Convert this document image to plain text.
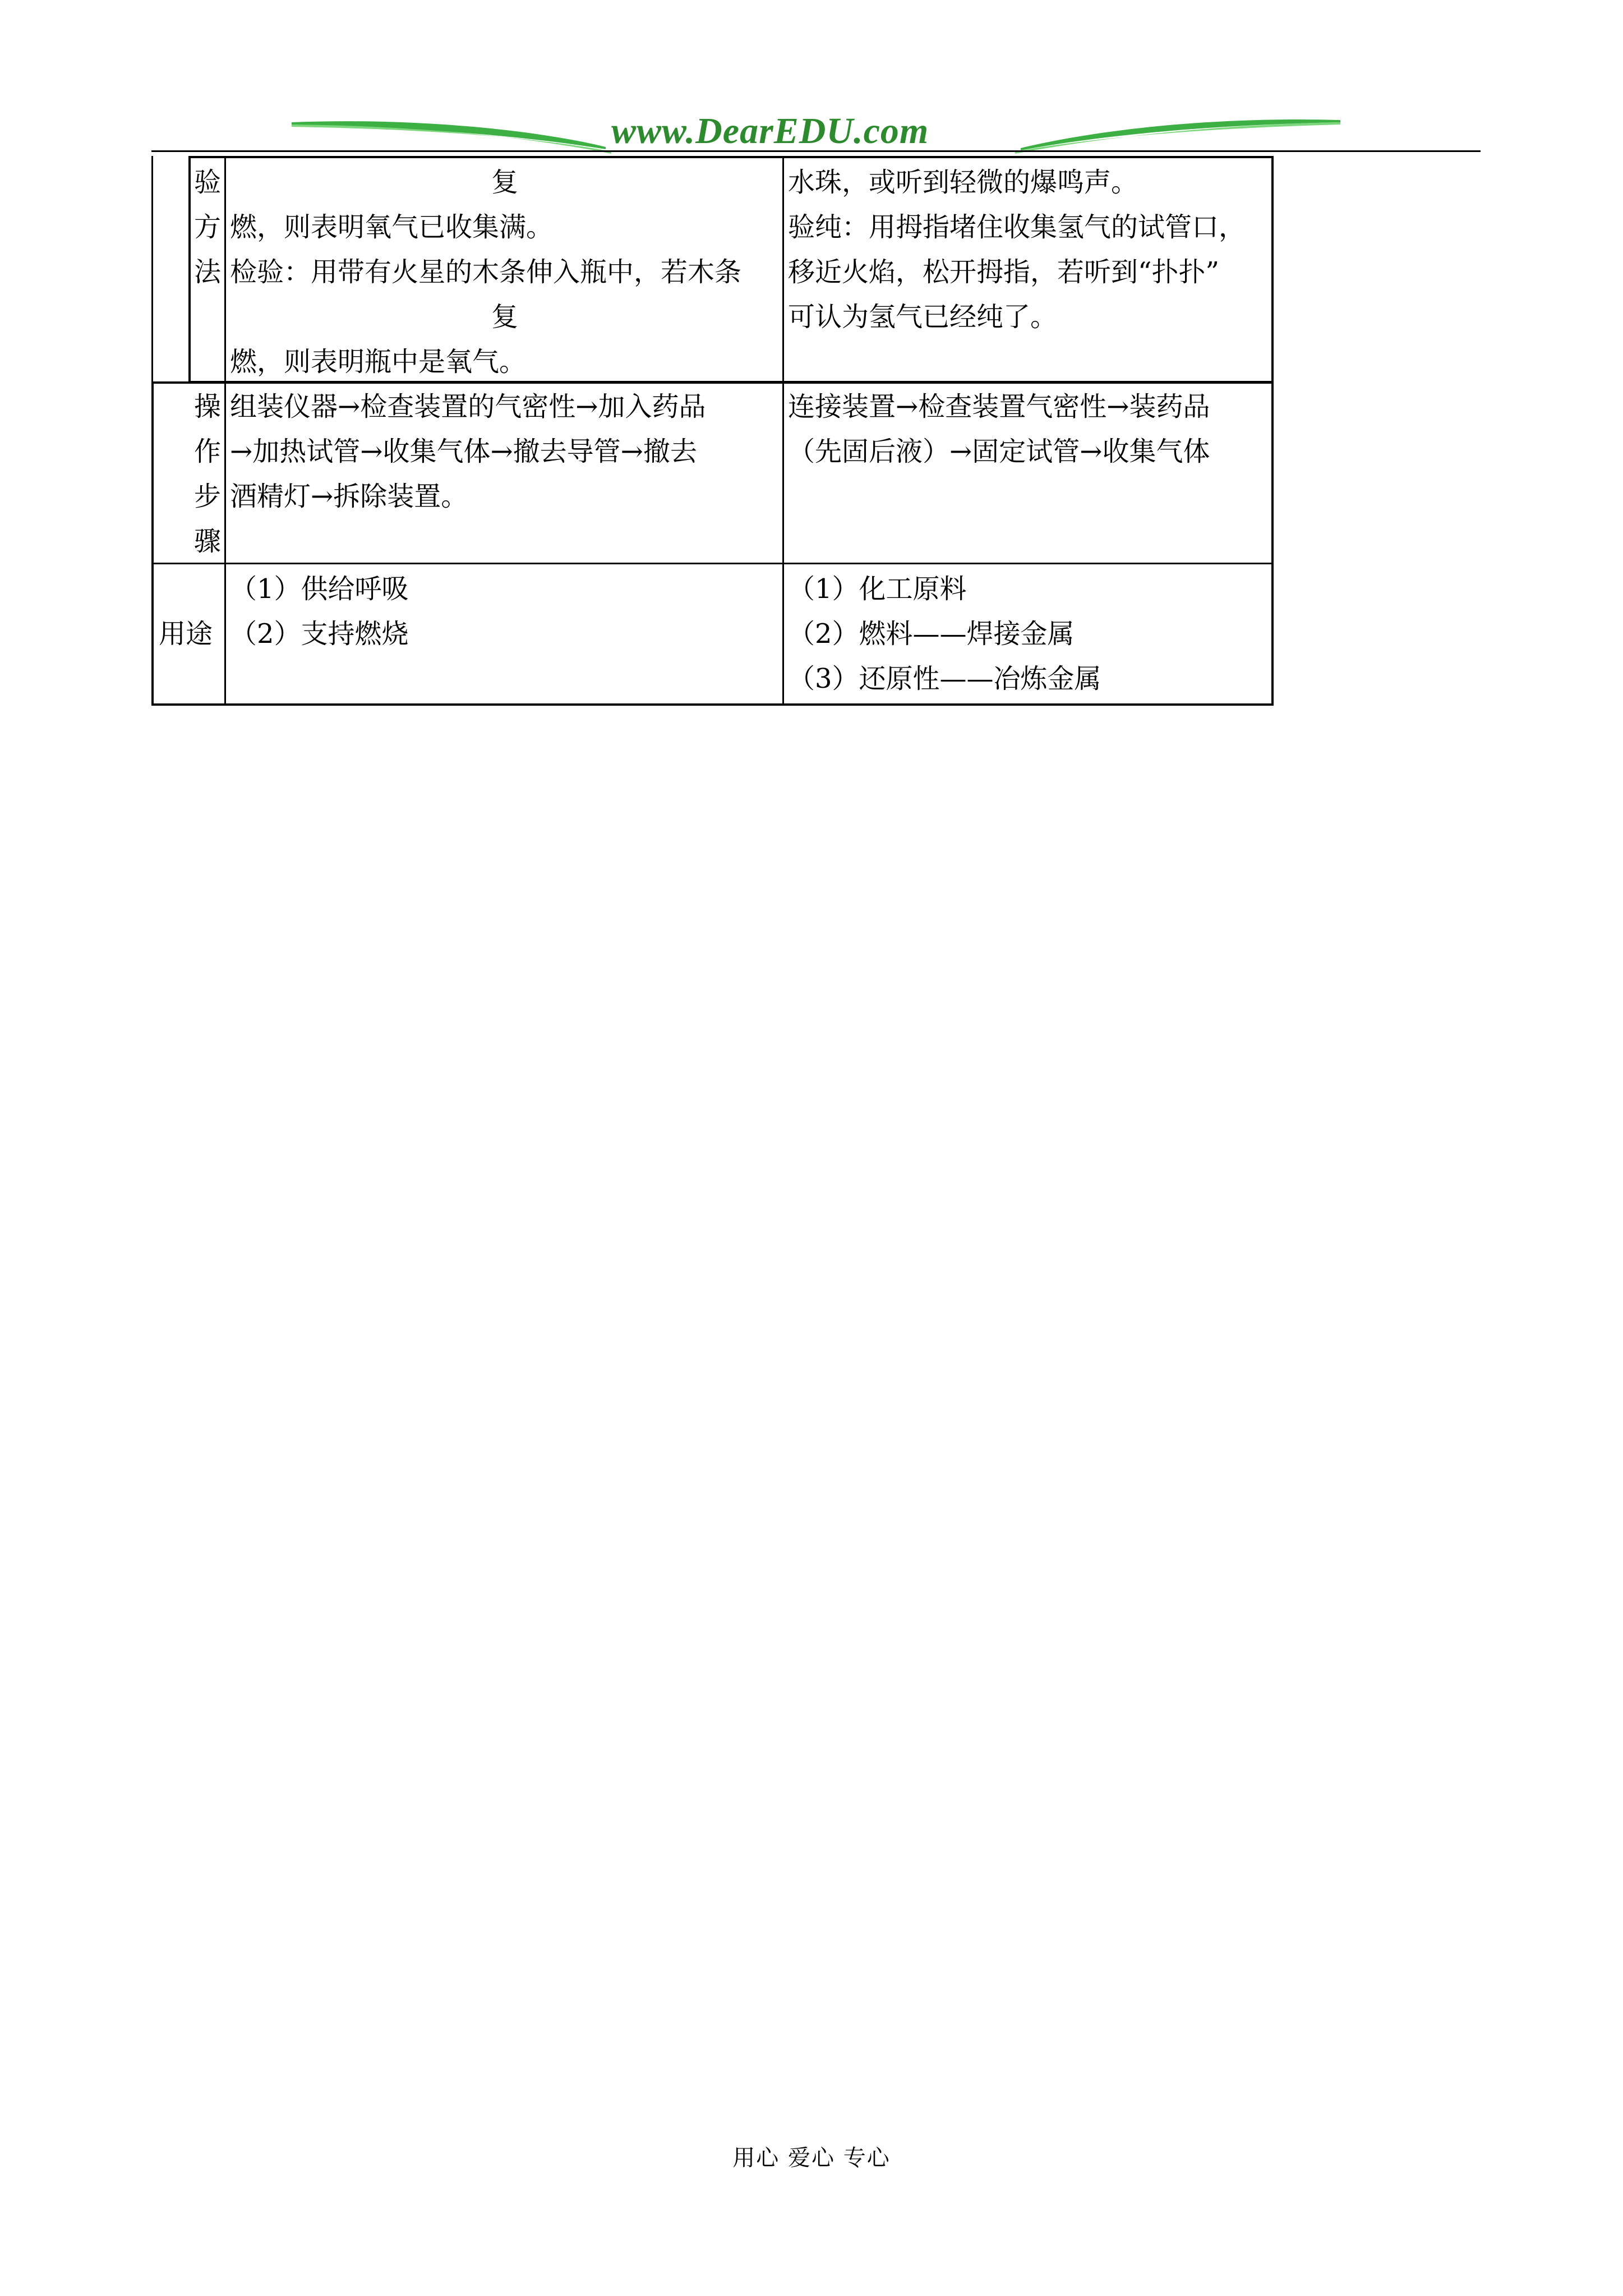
www.DearEDU.com
验
方
法
复
燃，则表明氧气已收集满。
检验：用带有火星的木条伸入瓶中，若木条
复
燃，则表明瓶中是氧气。
水珠，或听到轻微的爆鸣声。
验纯：用拇指堵住收集氢气的试管口，
移近火焰，松开拇指，若听到“扑扑”
可认为氢气已经纯了。
操
作
步
骤
组装仪器→检查装置的气密性→加入药品
→加热试管→收集气体→撤去导管→撤去
酒精灯→拆除装置。
连接装置→检查装置气密性→装药品
（先固后液）→固定试管→收集气体
用途
（1）供给呼吸
（2）支持燃烧
（1）化工原料
（2）燃料——焊接金属
（3）还原性——冶炼金属
用心 爱心 专心
